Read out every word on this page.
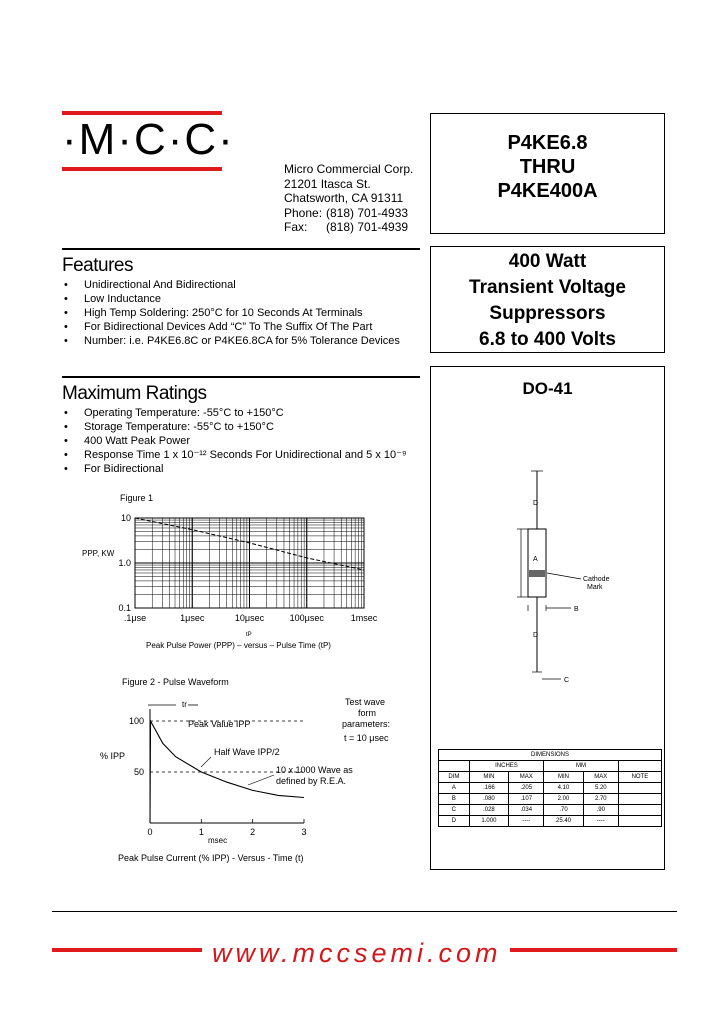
·M·C·C·
Micro Commercial Corp.
21201 Itasca St.
Chatsworth, CA 91311
Phone: (818) 701-4933
Fax: (818) 701-4939
P4KE6.8
THRU
P4KE400A
400 Watt
Transient Voltage
Suppressors
6.8 to 400 Volts
DO-41
Cathode
Mark
D
A
B
D
C
DIMENSIONS					
	INCHES		MM		
DIM	MIN	MAX	MIN	MAX	NOTE
A	.166	.205	4.10	5.20	
B	.080	.107	2.00	2.70	
C	.028	.034	.70	.90	
D	1.000	----	25.40	----	
Features
• Unidirectional And Bidirectional
• Low Inductance
• High Temp Soldering: 250°C for 10 Seconds At Terminals
• For Bidirectional Devices Add “C” To The Suffix Of The Part
• Number: i.e. P4KE6.8C or P4KE6.8CA for 5% Tolerance Devices
Maximum Ratings
• Operating Temperature: -55°C to +150°C
• Storage Temperature: -55°C to +150°C
• 400 Watt Peak Power
• Response Time 1 x 10⁻¹² Seconds For Unidirectional and 5 x 10⁻⁹
• For Bidirectional
Figure 1
PPP, KW
0.1
1.0
10
.1μse	1μsec	10μsec	100μsec	1msec
tP
Peak Pulse Power (PPP) – versus – Pulse Time (tP)
Figure 2 - Pulse Waveform
% IPP
100
50
0	1	2	3
msec
tr
Peak Value IPP
Half Wave IPP/2
10 x 1000 Wave as
defined by R.E.A.
Test wave
form
parameters:
t = 10 μsec
Peak Pulse Current (% IPP) - Versus - Time (t)
www.mccsemi.com
